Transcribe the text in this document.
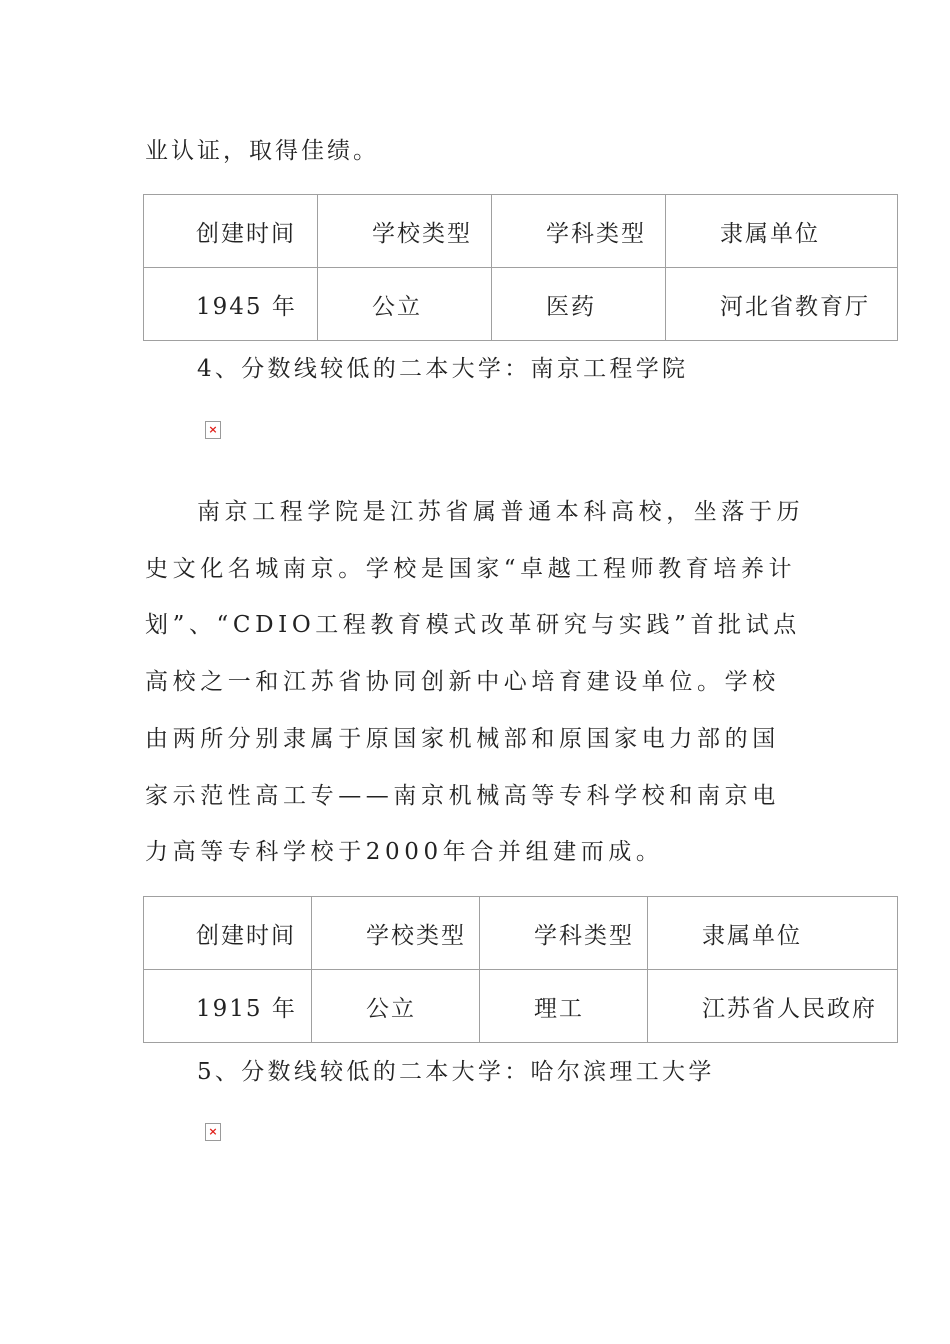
业认证，取得佳绩。
创建时间	学校类型	学科类型	隶属单位
1945 年	公立	医药	河北省教育厅
4、分数线较低的二本大学：南京工程学院
×

南京工程学院是江苏省属普通本科高校，坐落于历史文化名城南京。学校是国家“卓越工程师教育培养计划”、“CDIO工程教育模式改革研究与实践”首批试点高校之一和江苏省协同创新中心培育建设单位。学校由两所分别隶属于原国家机械部和原国家电力部的国家示范性高工专——南京机械高等专科学校和南京电力高等专科学校于2000年合并组建而成。

创建时间	学校类型	学科类型	隶属单位
1915 年	公立	理工	江苏省人民政府
5、分数线较低的二本大学：哈尔滨理工大学
×
